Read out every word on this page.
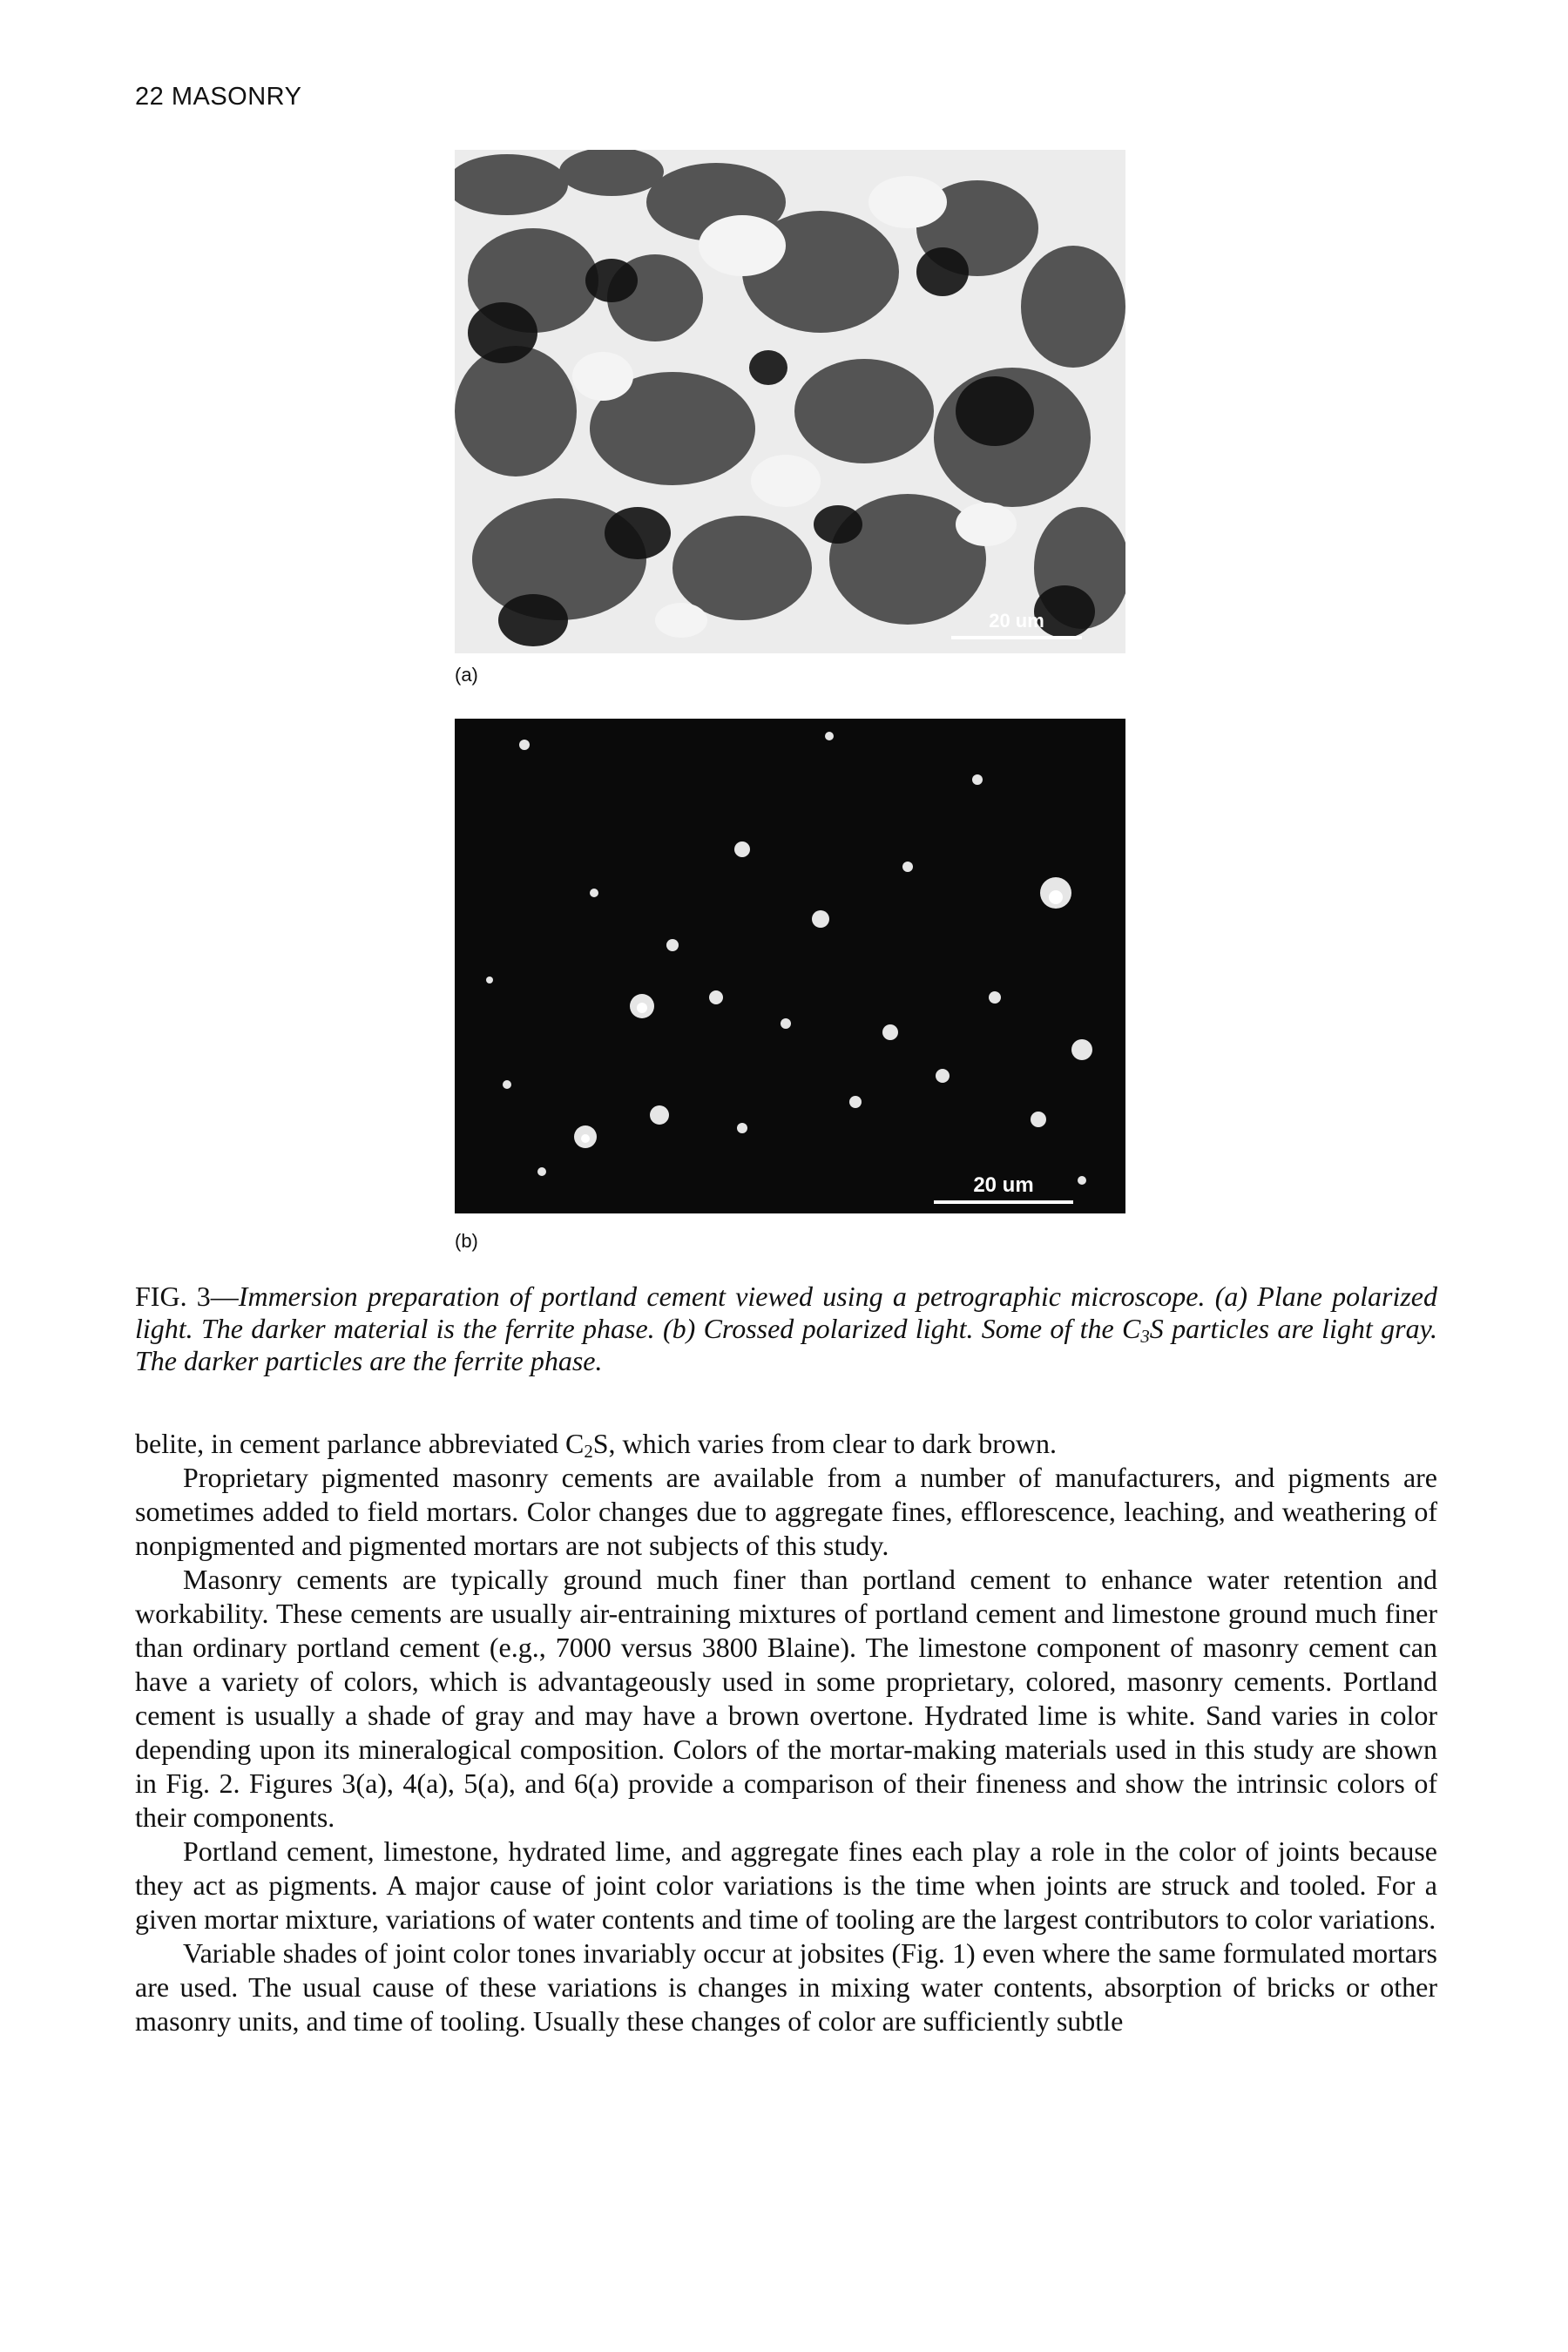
22 MASONRY
20 um
(a)
20 um
(b)
FIG. 3—Immersion preparation of portland cement viewed using a petrographic microscope. (a) Plane polarized light. The darker material is the ferrite phase. (b) Crossed polarized light. Some of the $C_3S$ particles are light gray. The darker particles are the ferrite phase.

belite, in cement parlance abbreviated $C_2S$, which varies from clear to dark brown.

Proprietary pigmented masonry cements are available from a number of manufacturers, and pigments are sometimes added to field mortars. Color changes due to aggregate fines, efflorescence, leaching, and weathering of nonpigmented and pigmented mortars are not subjects of this study.

Masonry cements are typically ground much finer than portland cement to enhance water retention and workability. These cements are usually air-entraining mixtures of portland cement and limestone ground much finer than ordinary portland cement (e.g., 7000 versus 3800 Blaine). The limestone component of masonry cement can have a variety of colors, which is advantageously used in some proprietary, colored, masonry cements. Portland cement is usually a shade of gray and may have a brown overtone. Hydrated lime is white. Sand varies in color depending upon its mineralogical composition. Colors of the mortar-making materials used in this study are shown in Fig. 2. Figures 3(a), 4(a), 5(a), and 6(a) provide a comparison of their fineness and show the intrinsic colors of their components.

Portland cement, limestone, hydrated lime, and aggregate fines each play a role in the color of joints because they act as pigments. A major cause of joint color variations is the time when joints are struck and tooled. For a given mortar mixture, variations of water contents and time of tooling are the largest contributors to color variations.

Variable shades of joint color tones invariably occur at jobsites (Fig. 1) even where the same formulated mortars are used. The usual cause of these variations is changes in mixing water contents, absorption of bricks or other masonry units, and time of tooling. Usually these changes of color are sufficiently subtle
